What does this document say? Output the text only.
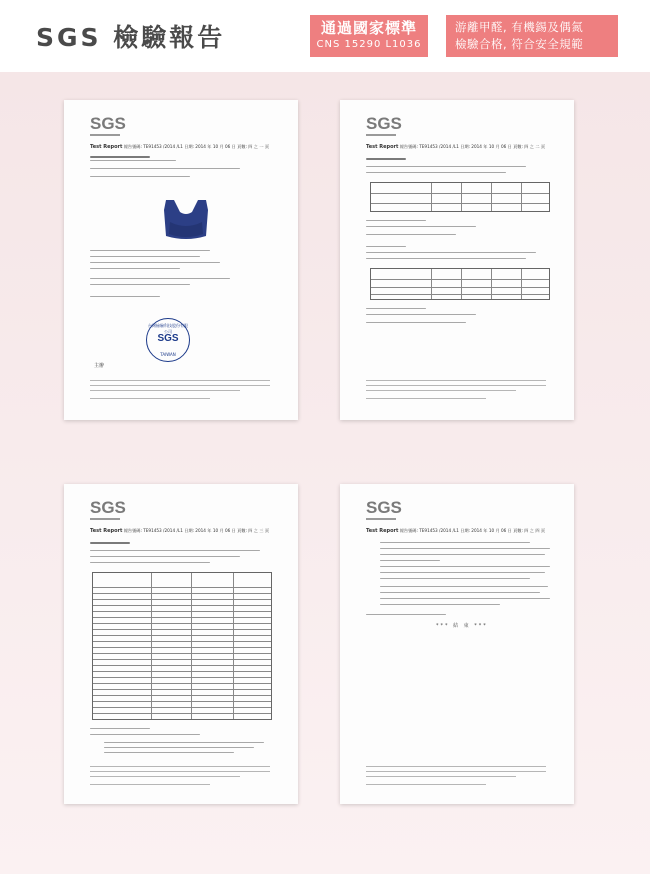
SGS 檢驗報告	通過國家標準
CNS 15290 L1036
游離甲醛, 有機錫及偶氮
檢驗合格, 符合安全規範
SGS
Test Report 報告號碼: TE91453 /2014 /L1 日期: 2014 年 10 月 06 日 頁數: 四 之 一 頁
台灣檢驗科技股份有限公司
SGS
TAIWAN
主辦
SGS
Test Report 報告號碼: TE91453 /2014 /L1 日期: 2014 年 10 月 06 日 頁數: 四 之 二 頁
SGS
Test Report 報告號碼: TE91453 /2014 /L1 日期: 2014 年 10 月 06 日 頁數: 四 之 三 頁
SGS
Test Report 報告號碼: TE91453 /2014 /L1 日期: 2014 年 10 月 06 日 頁數: 四 之 四 頁
*** 結 束 ***
